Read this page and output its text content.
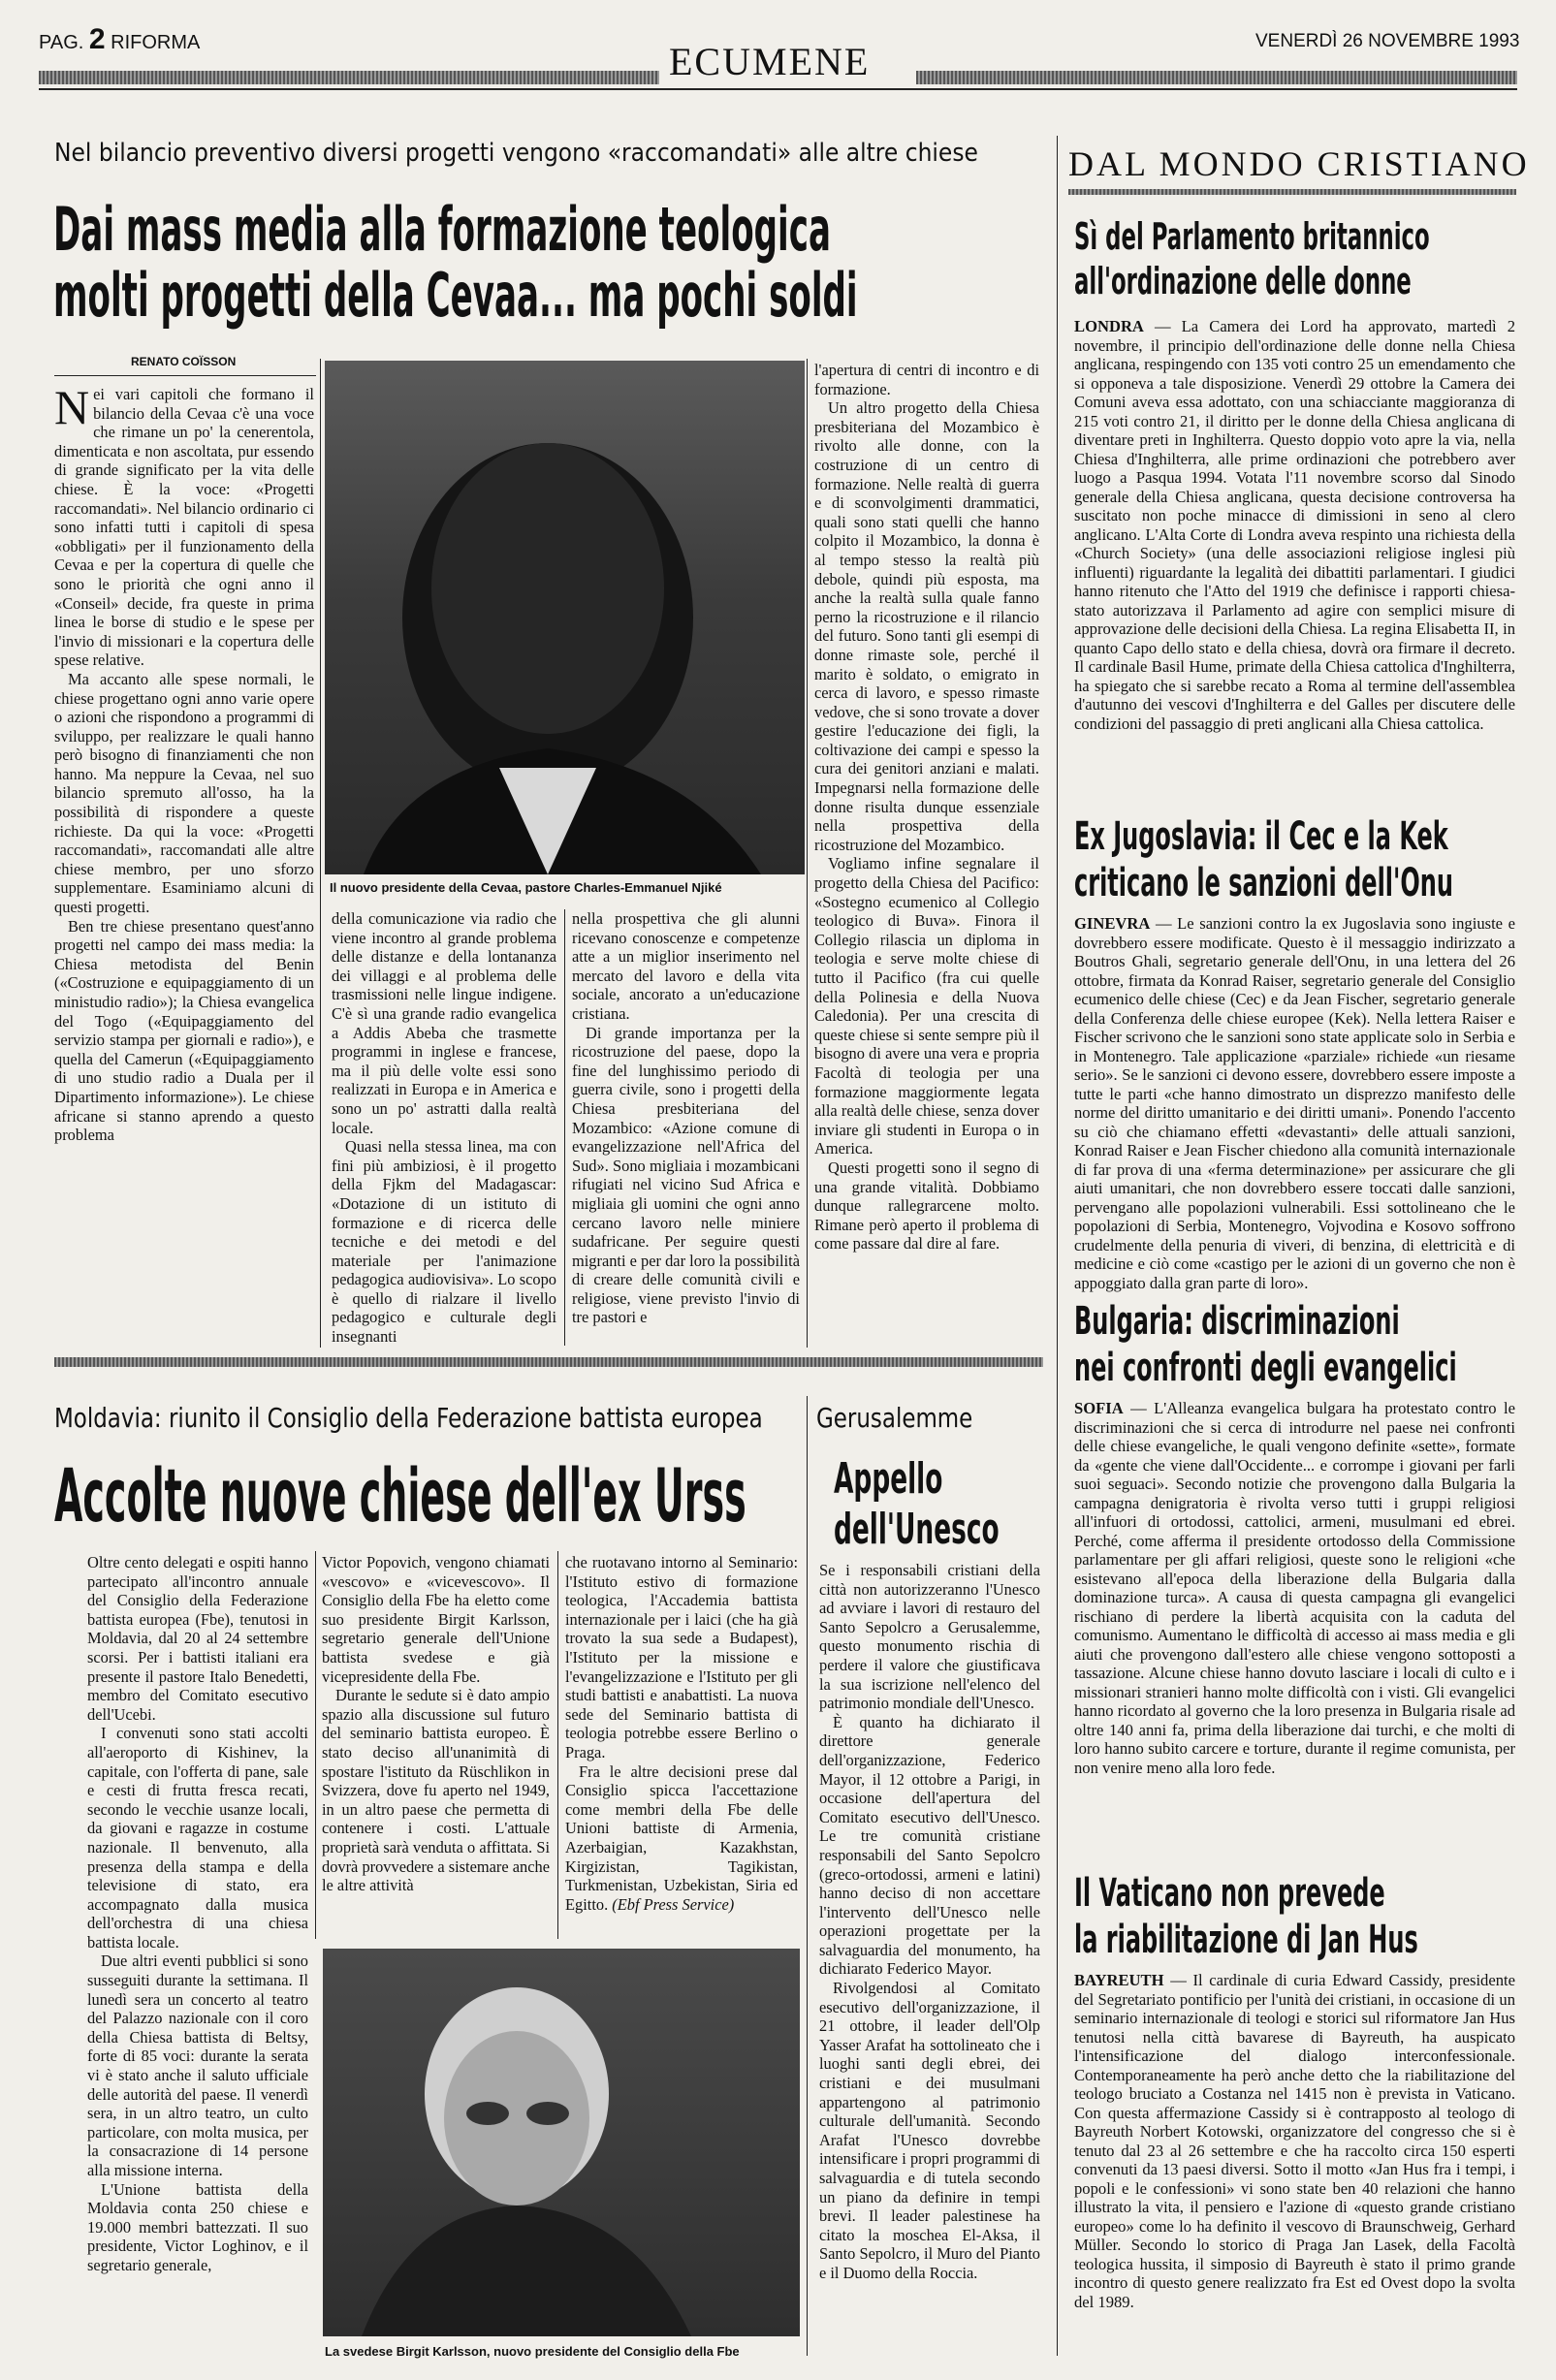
PAG. 2 RIFORMA	ECUMENE	VENERDÌ 26 NOVEMBRE 1993
Nel bilancio preventivo diversi progetti vengono «raccomandati» alle altre chiese
Dai mass media alla formazione teologica
molti progetti della Cevaa... ma pochi soldi
RENATO COÏSSON

Nei vari capitoli che formano il bilancio della Cevaa c'è una voce che rimane un po' la cenerentola, dimenticata e non ascoltata, pur essendo di grande significato per la vita delle chiese. È la voce: «Progetti raccomandati». Nel bilancio ordinario ci sono infatti tutti i capitoli di spesa «obbligati» per il funzionamento della Cevaa e per la copertura di quelle che sono le priorità che ogni anno il «Conseil» decide, fra queste in prima linea le borse di studio e le spese per l'invio di missionari e la copertura delle spese relative.

Ma accanto alle spese normali, le chiese progettano ogni anno varie opere o azioni che rispondono a programmi di sviluppo, per realizzare le quali hanno però bisogno di finanziamenti che non hanno. Ma neppure la Cevaa, nel suo bilancio spremuto all'osso, ha la possibilità di rispondere a queste richieste. Da qui la voce: «Progetti raccomandati», raccomandati alle altre chiese membro, per uno sforzo supplementare. Esaminiamo alcuni di questi progetti.

Ben tre chiese presentano quest'anno progetti nel campo dei mass media: la Chiesa metodista del Benin («Costruzione e equipaggiamento di un ministudio radio»); la Chiesa evangelica del Togo («Equipaggiamento del servizio stampa per giornali e radio»), e quella del Camerun («Equipaggiamento di uno studio radio a Duala per il Dipartimento informazione»). Le chiese africane si stanno aprendo a questo problema

Il nuovo presidente della Cevaa, pastore Charles-Emmanuel Njiké

della comunicazione via radio che viene incontro al grande problema delle distanze e della lontananza dei villaggi e al problema delle trasmissioni nelle lingue indigene. C'è sì una grande radio evangelica a Addis Abeba che trasmette programmi in inglese e francese, ma il più delle volte essi sono realizzati in Europa e in America e sono un po' astratti dalla realtà locale.

Quasi nella stessa linea, ma con fini più ambiziosi, è il progetto della Fjkm del Madagascar: «Dotazione di un istituto di formazione e di ricerca delle tecniche e dei metodi e del materiale per l'animazione pedagogica audiovisiva». Lo scopo è quello di rialzare il livello pedagogico e culturale degli insegnanti

nella prospettiva che gli alunni ricevano conoscenze e competenze atte a un miglior inserimento nel mercato del lavoro e della vita sociale, ancorato a un'educazione cristiana.

Di grande importanza per la ricostruzione del paese, dopo la fine del lunghissimo periodo di guerra civile, sono i progetti della Chiesa presbiteriana del Mozambico: «Azione comune di evangelizzazione nell'Africa del Sud». Sono migliaia i mozambicani rifugiati nel vicino Sud Africa e migliaia gli uomini che ogni anno cercano lavoro nelle miniere sudafricane. Per seguire questi migranti e per dar loro la possibilità di creare delle comunità civili e religiose, viene previsto l'invio di tre pastori e

l'apertura di centri di incontro e di formazione.

Un altro progetto della Chiesa presbiteriana del Mozambico è rivolto alle donne, con la costruzione di un centro di formazione. Nelle realtà di guerra e di sconvolgimenti drammatici, quali sono stati quelli che hanno colpito il Mozambico, la donna è al tempo stesso la realtà più debole, quindi più esposta, ma anche la realtà sulla quale fanno perno la ricostruzione e il rilancio del futuro. Sono tanti gli esempi di donne rimaste sole, perché il marito è soldato, o emigrato in cerca di lavoro, e spesso rimaste vedove, che si sono trovate a dover gestire l'educazione dei figli, la coltivazione dei campi e spesso la cura dei genitori anziani e malati. Impegnarsi nella formazione delle donne risulta dunque essenziale nella prospettiva della ricostruzione del Mozambico.

Vogliamo infine segnalare il progetto della Chiesa del Pacifico: «Sostegno ecumenico al Collegio teologico di Buva». Finora il Collegio rilascia un diploma in teologia e serve molte chiese di tutto il Pacifico (fra cui quelle della Polinesia e della Nuova Caledonia). Per una crescita di queste chiese si sente sempre più il bisogno di avere una vera e propria Facoltà di teologia per una formazione maggiormente legata alla realtà delle chiese, senza dover inviare gli studenti in Europa o in America.

Questi progetti sono il segno di una grande vitalità. Dobbiamo dunque rallegrarcene molto. Rimane però aperto il problema di come passare dal dire al fare.

DAL MONDO CRISTIANO
Sì del Parlamento britannico
all'ordinazione delle donne
LONDRA — La Camera dei Lord ha approvato, martedì 2 novembre, il principio dell'ordinazione delle donne nella Chiesa anglicana, respingendo con 135 voti contro 25 un emendamento che si opponeva a tale disposizione. Venerdì 29 ottobre la Camera dei Comuni aveva essa adottato, con una schiacciante maggioranza di 215 voti contro 21, il diritto per le donne della Chiesa anglicana di diventare preti in Inghilterra. Questo doppio voto apre la via, nella Chiesa d'Inghilterra, alle prime ordinazioni che potrebbero aver luogo a Pasqua 1994. Votata l'11 novembre scorso dal Sinodo generale della Chiesa anglicana, questa decisione controversa ha suscitato non poche minacce di dimissioni in seno al clero anglicano. L'Alta Corte di Londra aveva respinto una richiesta della «Church Society» (una delle associazioni religiose inglesi più influenti) riguardante la legalità dei dibattiti parlamentari. I giudici hanno ritenuto che l'Atto del 1919 che definisce i rapporti chiesa-stato autorizzava il Parlamento ad agire con semplici misure di approvazione delle decisioni della Chiesa. La regina Elisabetta II, in quanto Capo dello stato e della chiesa, dovrà ora firmare il decreto. Il cardinale Basil Hume, primate della Chiesa cattolica d'Inghilterra, ha spiegato che si sarebbe recato a Roma al termine dell'assemblea d'autunno dei vescovi d'Inghilterra e del Galles per discutere delle condizioni del passaggio di preti anglicani alla Chiesa cattolica.
Ex Jugoslavia: il Cec e la Kek
criticano le sanzioni dell'Onu
GINEVRA — Le sanzioni contro la ex Jugoslavia sono ingiuste e dovrebbero essere modificate. Questo è il messaggio indirizzato a Boutros Ghali, segretario generale dell'Onu, in una lettera del 26 ottobre, firmata da Konrad Raiser, segretario generale del Consiglio ecumenico delle chiese (Cec) e da Jean Fischer, segretario generale della Conferenza delle chiese europee (Kek). Nella lettera Raiser e Fischer scrivono che le sanzioni sono state applicate solo in Serbia e in Montenegro. Tale applicazione «parziale» richiede «un riesame serio». Se le sanzioni ci devono essere, dovrebbero essere imposte a tutte le parti «che hanno dimostrato un disprezzo manifesto delle norme del diritto umanitario e dei diritti umani». Ponendo l'accento su ciò che chiamano effetti «devastanti» delle attuali sanzioni, Konrad Raiser e Jean Fischer chiedono alla comunità internazionale di far prova di una «ferma determinazione» per assicurare che gli aiuti umanitari, che non dovrebbero essere toccati dalle sanzioni, pervengano alle popolazioni vulnerabili. Essi sottolineano che le popolazioni di Serbia, Montenegro, Vojvodina e Kosovo soffrono crudelmente della penuria di viveri, di benzina, di elettricità e di medicine e ciò come «castigo per le azioni di un governo che non è appoggiato dalla gran parte di loro».
Bulgaria: discriminazioni
nei confronti degli evangelici
SOFIA — L'Alleanza evangelica bulgara ha protestato contro le discriminazioni che si cerca di introdurre nel paese nei confronti delle chiese evangeliche, le quali vengono definite «sette», formate da «gente che viene dall'Occidente... e corrompe i giovani per farli suoi seguaci». Secondo notizie che provengono dalla Bulgaria la campagna denigratoria è rivolta verso tutti i gruppi religiosi all'infuori di ortodossi, cattolici, armeni, musulmani ed ebrei. Perché, come afferma il presidente ortodosso della Commissione parlamentare per gli affari religiosi, queste sono le religioni «che esistevano all'epoca della liberazione della Bulgaria dalla dominazione turca». A causa di questa campagna gli evangelici rischiano di perdere la libertà acquisita con la caduta del comunismo. Aumentano le difficoltà di accesso ai mass media e gli aiuti che provengono dall'estero alle chiese vengono sottoposti a tassazione. Alcune chiese hanno dovuto lasciare i locali di culto e i missionari stranieri hanno molte difficoltà con i visti. Gli evangelici hanno ricordato al governo che la loro presenza in Bulgaria risale ad oltre 140 anni fa, prima della liberazione dai turchi, e che molti di loro hanno subito carcere e torture, durante il regime comunista, per non venire meno alla loro fede.
Il Vaticano non prevede
la riabilitazione di Jan Hus
BAYREUTH — Il cardinale di curia Edward Cassidy, presidente del Segretariato pontificio per l'unità dei cristiani, in occasione di un seminario internazionale di teologi e storici sul riformatore Jan Hus tenutosi nella città bavarese di Bayreuth, ha auspicato l'intensificazione del dialogo interconfessionale. Contemporaneamente ha però anche detto che la riabilitazione del teologo bruciato a Costanza nel 1415 non è prevista in Vaticano. Con questa affermazione Cassidy si è contrapposto al teologo di Bayreuth Norbert Kotowski, organizzatore del congresso che si è tenuto dal 23 al 26 settembre e che ha raccolto circa 150 esperti convenuti da 13 paesi diversi. Sotto il motto «Jan Hus fra i tempi, i popoli e le confessioni» vi sono state ben 40 relazioni che hanno illustrato la vita, il pensiero e l'azione di «questo grande cristiano europeo» come lo ha definito il vescovo di Braunschweig, Gerhard Müller. Secondo lo storico di Praga Jan Lasek, della Facoltà teologica hussita, il simposio di Bayreuth è stato il primo grande incontro di questo genere realizzato fra Est ed Ovest dopo la svolta del 1989.
Moldavia: riunito il Consiglio della Federazione battista europea
Accolte nuove chiese dell'ex Urss

Oltre cento delegati e ospiti hanno partecipato all'incontro annuale del Consiglio della Federazione battista europea (Fbe), tenutosi in Moldavia, dal 20 al 24 settembre scorsi. Per i battisti italiani era presente il pastore Italo Benedetti, membro del Comitato esecutivo dell'Ucebi.

I convenuti sono stati accolti all'aeroporto di Kishinev, la capitale, con l'offerta di pane, sale e cesti di frutta fresca recati, secondo le vecchie usanze locali, da giovani e ragazze in costume nazionale. Il benvenuto, alla presenza della stampa e della televisione di stato, era accompagnato dalla musica dell'orchestra di una chiesa battista locale.

Due altri eventi pubblici si sono susseguiti durante la settimana. Il lunedì sera un concerto al teatro del Palazzo nazionale con il coro della Chiesa battista di Beltsy, forte di 85 voci: durante la serata vi è stato anche il saluto ufficiale delle autorità del paese. Il venerdì sera, in un altro teatro, un culto particolare, con molta musica, per la consacrazione di 14 persone alla missione interna.

L'Unione battista della Moldavia conta 250 chiese e 19.000 membri battezzati. Il suo presidente, Victor Loghinov, e il segretario generale,

Victor Popovich, vengono chiamati «vescovo» e «vicevescovo». Il Consiglio della Fbe ha eletto come suo presidente Birgit Karlsson, segretario generale dell'Unione battista svedese e già vicepresidente della Fbe.

Durante le sedute si è dato ampio spazio alla discussione sul futuro del seminario battista europeo. È stato deciso all'unanimità di spostare l'istituto da Rüschlikon in Svizzera, dove fu aperto nel 1949, in un altro paese che permetta di contenere i costi. L'attuale proprietà sarà venduta o affittata. Si dovrà provvedere a sistemare anche le altre attività

che ruotavano intorno al Seminario: l'Istituto estivo di formazione teologica, l'Accademia battista internazionale per i laici (che ha già trovato la sua sede a Budapest), l'Istituto per la missione e l'evangelizzazione e l'Istituto per gli studi battisti e anabattisti. La nuova sede del Seminario battista di teologia potrebbe essere Berlino o Praga.

Fra le altre decisioni prese dal Consiglio spicca l'accettazione come membri della Fbe delle Unioni battiste di Armenia, Azerbaigian, Kazakhstan, Kirgizistan, Tagikistan, Turkmenistan, Uzbekistan, Siria ed Egitto. (Ebf Press Service)

La svedese Birgit Karlsson, nuovo presidente del Consiglio della Fbe
Gerusalemme
Appello
dell'Unesco

Se i responsabili cristiani della città non autorizzeranno l'Unesco ad avviare i lavori di restauro del Santo Sepolcro a Gerusalemme, questo monumento rischia di perdere il valore che giustificava la sua iscrizione nell'elenco del patrimonio mondiale dell'Unesco.

È quanto ha dichiarato il direttore generale dell'organizzazione, Federico Mayor, il 12 ottobre a Parigi, in occasione dell'apertura del Comitato esecutivo dell'Unesco. Le tre comunità cristiane responsabili del Santo Sepolcro (greco-ortodossi, armeni e latini) hanno deciso di non accettare l'intervento dell'Unesco nelle operazioni progettate per la salvaguardia del monumento, ha dichiarato Federico Mayor.

Rivolgendosi al Comitato esecutivo dell'organizzazione, il 21 ottobre, il leader dell'Olp Yasser Arafat ha sottolineato che i luoghi santi degli ebrei, dei cristiani e dei musulmani appartengono al patrimonio culturale dell'umanità. Secondo Arafat l'Unesco dovrebbe intensificare i propri programmi di salvaguardia e di tutela secondo un piano da definire in tempi brevi. Il leader palestinese ha citato la moschea El-Aksa, il Santo Sepolcro, il Muro del Pianto e il Duomo della Roccia.
